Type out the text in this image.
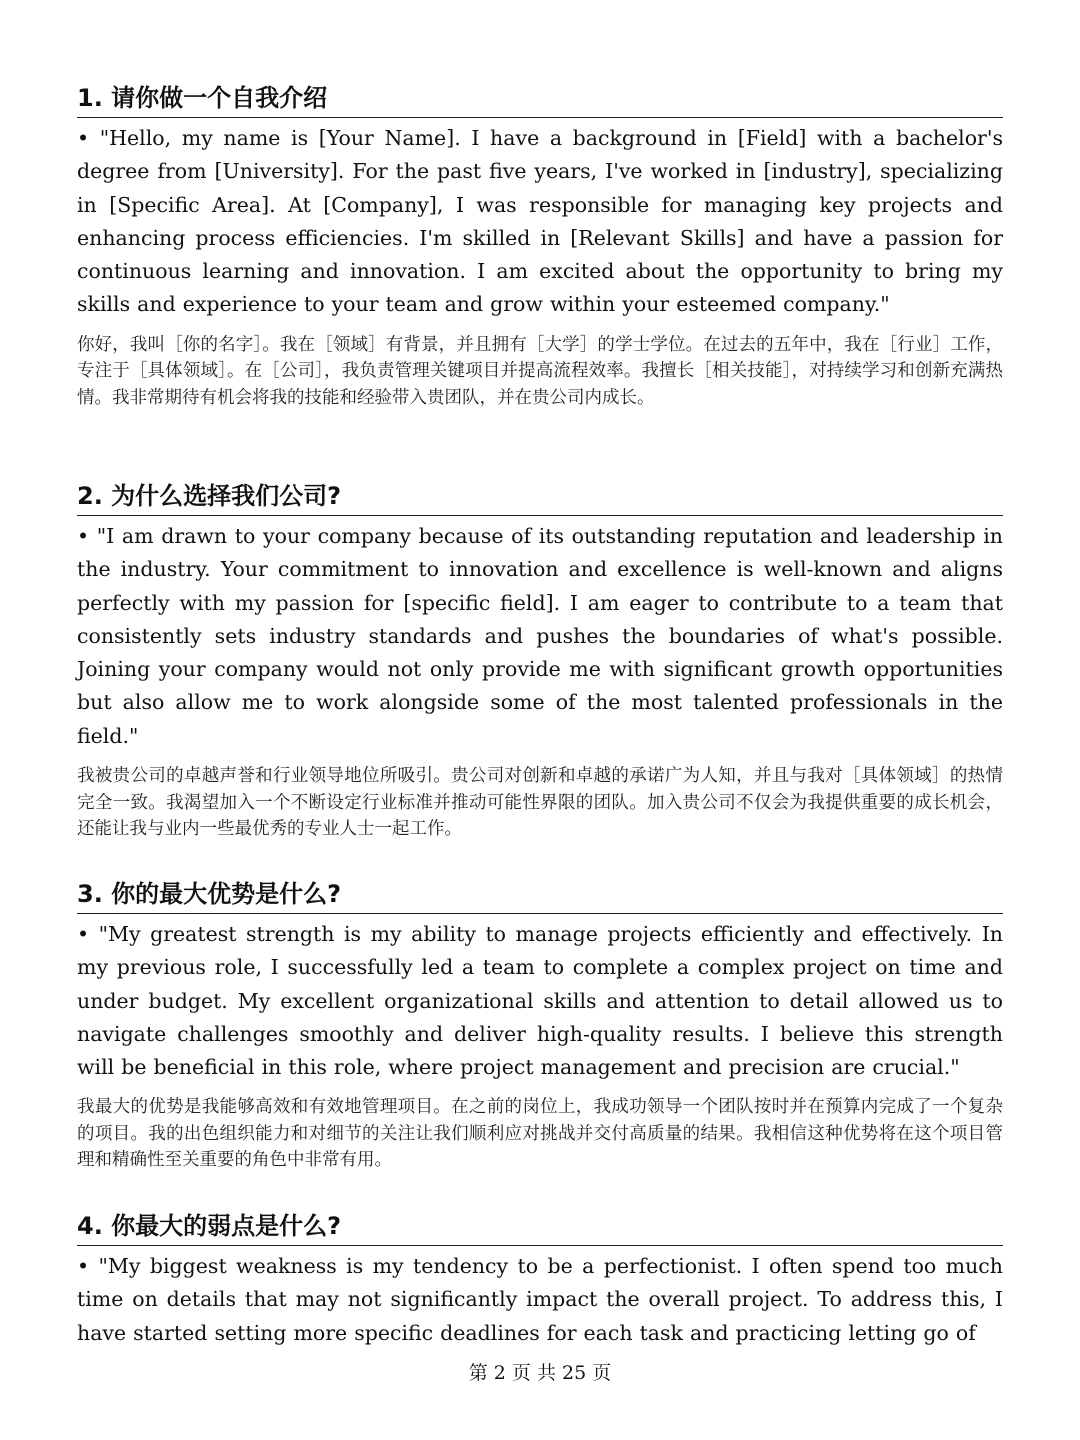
1. 请你做一个自我介绍

• "Hello, my name is [Your Name]. I have a background in [Field] with a bachelor's degree from [University]. For the past five years, I've worked in [industry], specializing in [Specific Area]. At [Company], I was responsible for managing key projects and enhancing process efficiencies. I'm skilled in [Relevant Skills] and have a passion for continuous learning and innovation. I am excited about the opportunity to bring my skills and experience to your team and grow within your esteemed company."

你好，我叫［你的名字］。我在［领域］有背景，并且拥有［大学］的学士学位。在过去的五年中，我在［行业］工作，专注于［具体领域］。在［公司］，我负责管理关键项目并提高流程效率。我擅长［相关技能］，对持续学习和创新充满热情。我非常期待有机会将我的技能和经验带入贵团队，并在贵公司内成长。

2. 为什么选择我们公司?

• "I am drawn to your company because of its outstanding reputation and leadership in the industry. Your commitment to innovation and excellence is well-known and aligns perfectly with my passion for [specific field]. I am eager to contribute to a team that consistently sets industry standards and pushes the boundaries of what's possible. Joining your company would not only provide me with significant growth opportunities but also allow me to work alongside some of the most talented professionals in the field."

我被贵公司的卓越声誉和行业领导地位所吸引。贵公司对创新和卓越的承诺广为人知，并且与我对［具体领域］的热情完全一致。我渴望加入一个不断设定行业标准并推动可能性界限的团队。加入贵公司不仅会为我提供重要的成长机会，还能让我与业内一些最优秀的专业人士一起工作。

3. 你的最大优势是什么?

• "My greatest strength is my ability to manage projects efficiently and effectively. In my previous role, I successfully led a team to complete a complex project on time and under budget. My excellent organizational skills and attention to detail allowed us to navigate challenges smoothly and deliver high-quality results. I believe this strength will be beneficial in this role, where project management and precision are crucial."

我最大的优势是我能够高效和有效地管理项目。在之前的岗位上，我成功领导一个团队按时并在预算内完成了一个复杂的项目。我的出色组织能力和对细节的关注让我们顺利应对挑战并交付高质量的结果。我相信这种优势将在这个项目管理和精确性至关重要的角色中非常有用。

4. 你最大的弱点是什么?

• "My biggest weakness is my tendency to be a perfectionist. I often spend too much time on details that may not significantly impact the overall project. To address this, I have started setting more specific deadlines for each task and practicing letting go of

第 2 页 共 25 页
